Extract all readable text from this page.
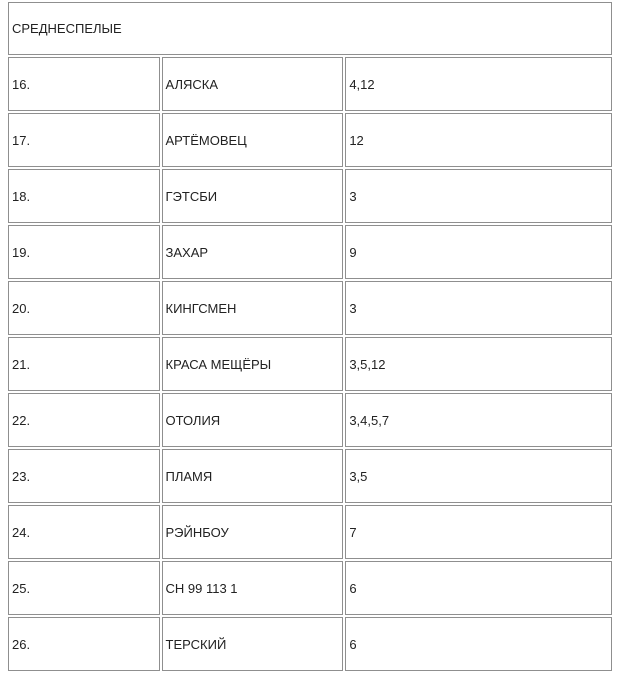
СРЕДНЕСПЕЛЫЕ		
16.	АЛЯСКА	4,12
17.	АРТЁМОВЕЦ	12
18.	ГЭТСБИ	3
19.	ЗАХАР	9
20.	КИНГСМЕН	3
21.	КРАСА МЕЩЁРЫ	3,5,12
22.	ОТОЛИЯ	3,4,5,7
23.	ПЛАМЯ	3,5
24.	РЭЙНБОУ	7
25.	СН 99 113 1	6
26.	ТЕРСКИЙ	6
